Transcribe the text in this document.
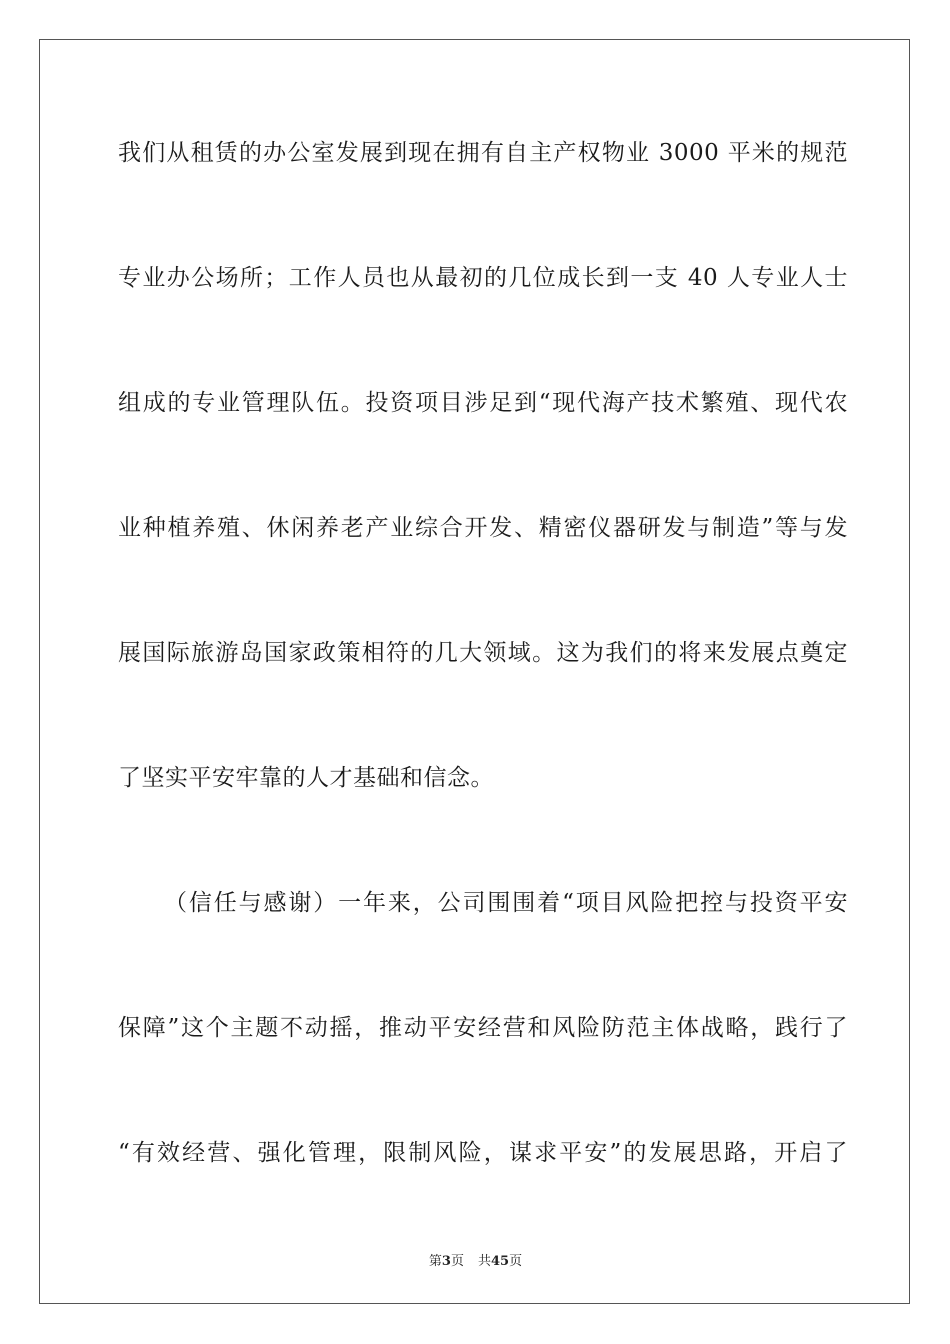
我们从租赁的办公室发展到现在拥有自主产权物业 3000 平米的规范
专业办公场所；工作人员也从最初的几位成长到一支 40 人专业人士
组成的专业管理队伍。投资项目涉足到“现代海产技术繁殖、现代农
业种植养殖、休闲养老产业综合开发、精密仪器研发与制造”等与发
展国际旅游岛国家政策相符的几大领域。这为我们的将来发展点奠定
了坚实平安牢靠的人才基础和信念。
（信任与感谢）一年来，公司围围着“项目风险把控与投资平安
保障”这个主题不动摇，推动平安经营和风险防范主体战略，践行了
“有效经营、强化管理，限制风险，谋求平安”的发展思路，开启了
第3页 共45页
